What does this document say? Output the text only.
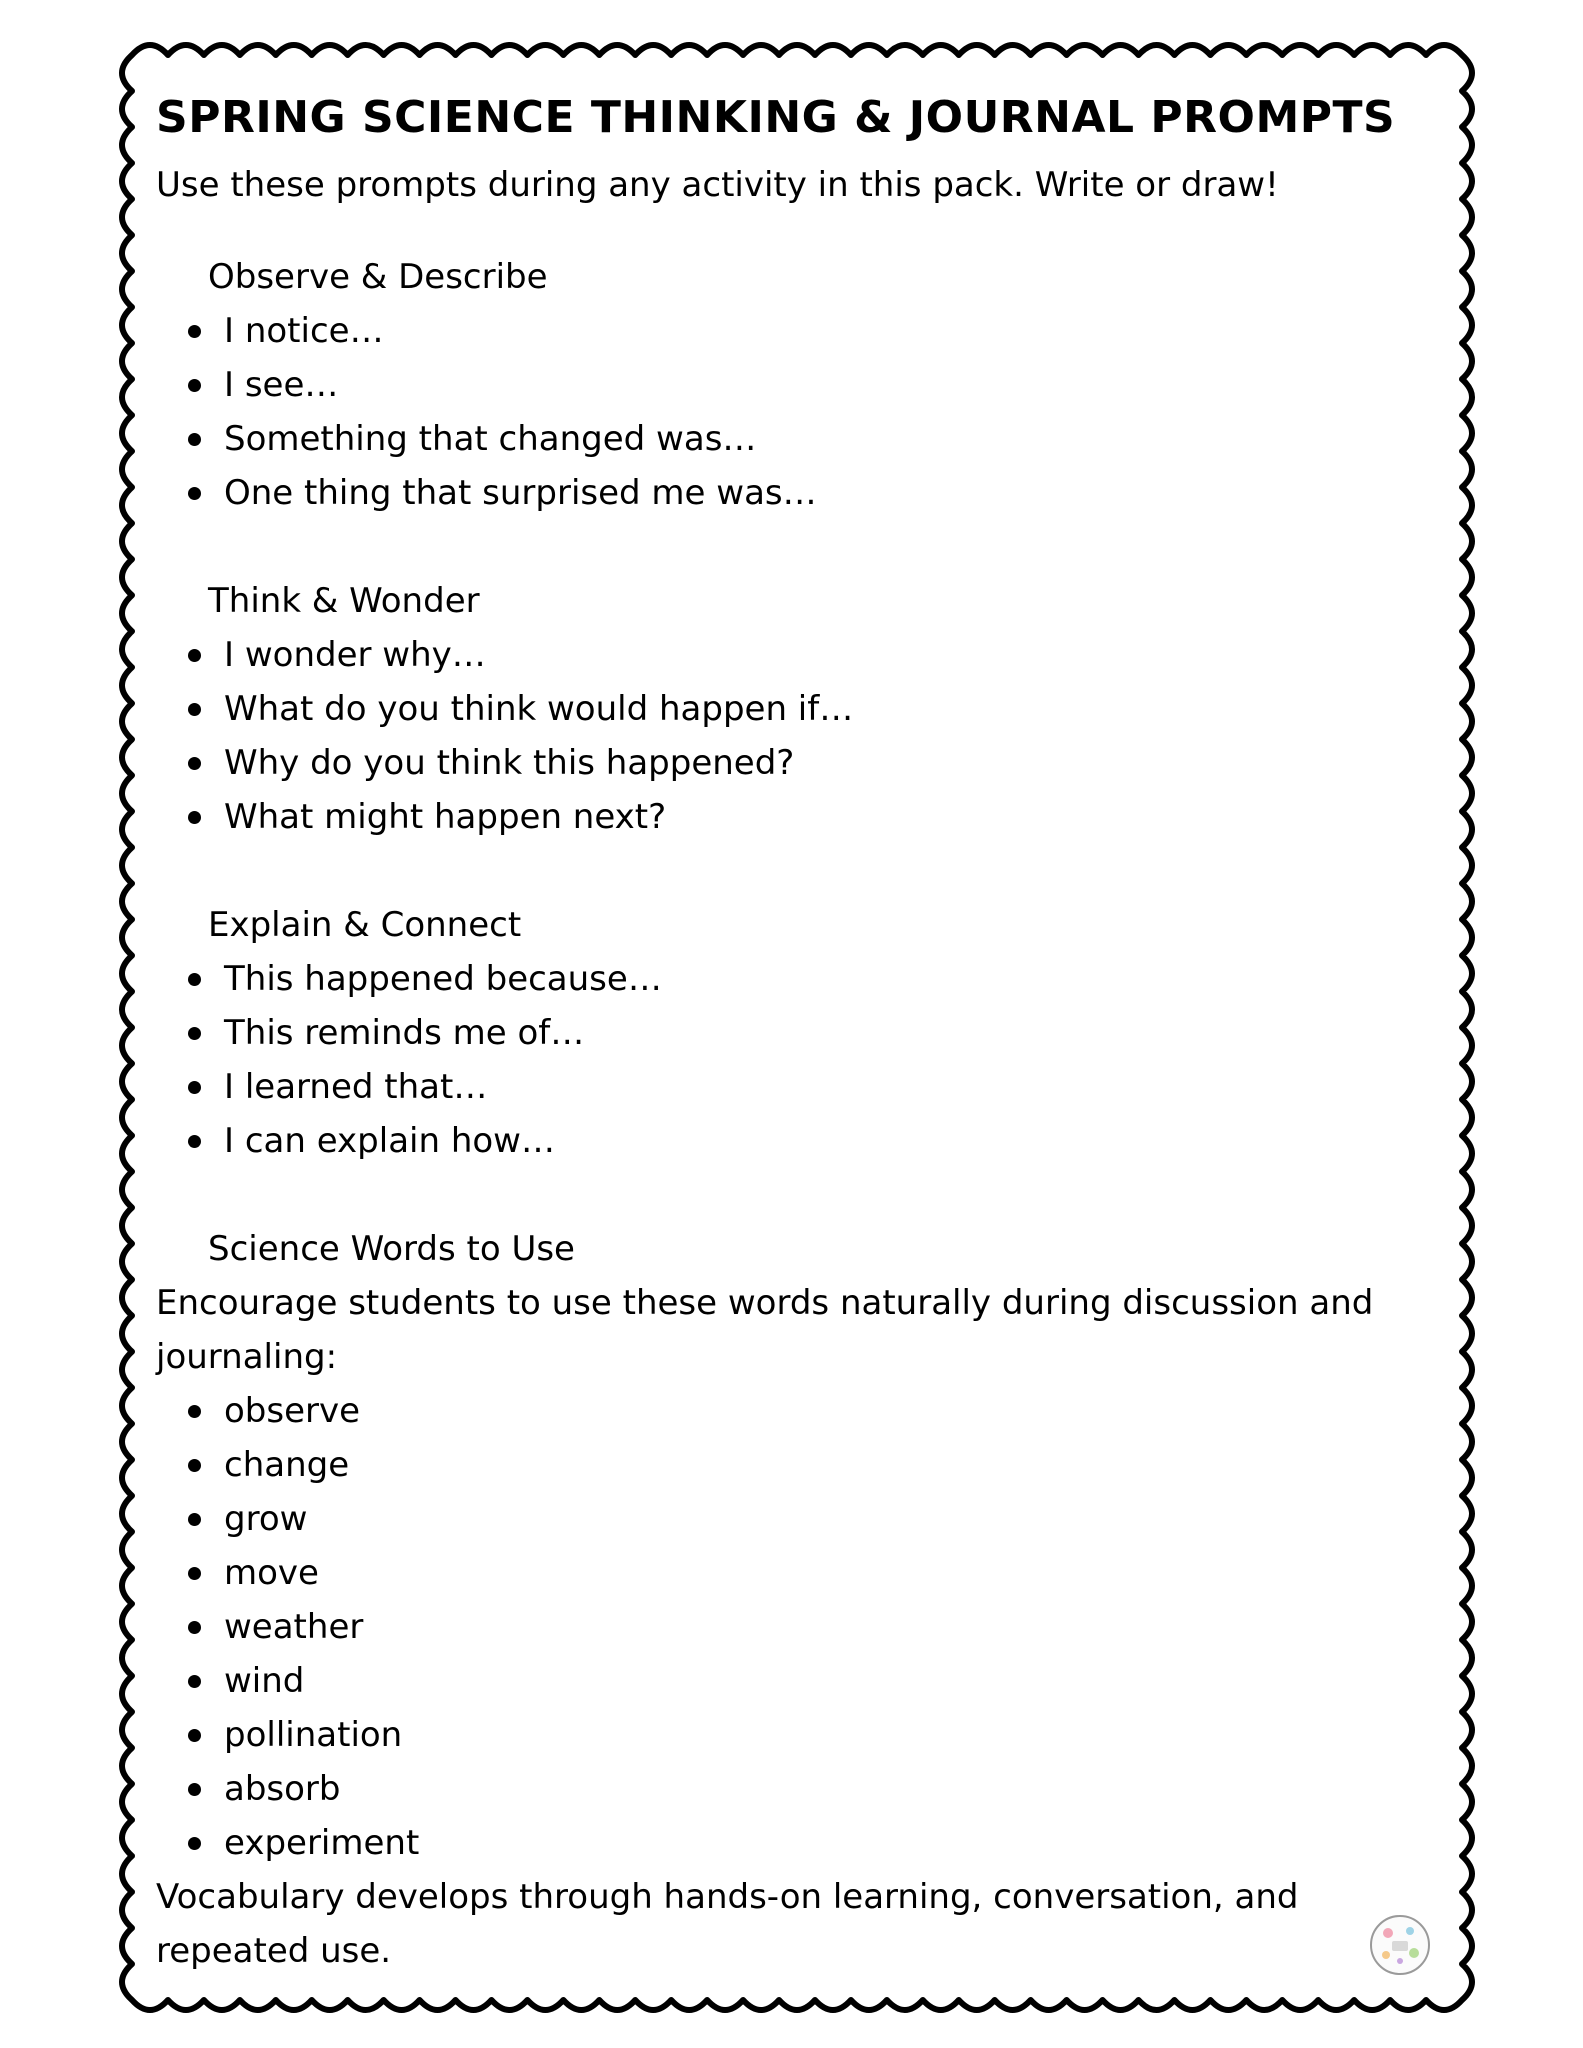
SPRING SCIENCE THINKING & JOURNAL PROMPTS

Use these prompts during any activity in this pack. Write or draw!

Observe & Describe

I notice…
I see…
Something that changed was…
One thing that surprised me was…

Think & Wonder

I wonder why…
What do you think would happen if…
Why do you think this happened?
What might happen next?

Explain & Connect

This happened because…
This reminds me of…
I learned that…
I can explain how…

Science Words to Use

Encourage students to use these words naturally during discussion and journaling:

observe
change
grow
move
weather
wind
pollination
absorb
experiment

Vocabulary develops through hands-on learning, conversation, and repeated use.
